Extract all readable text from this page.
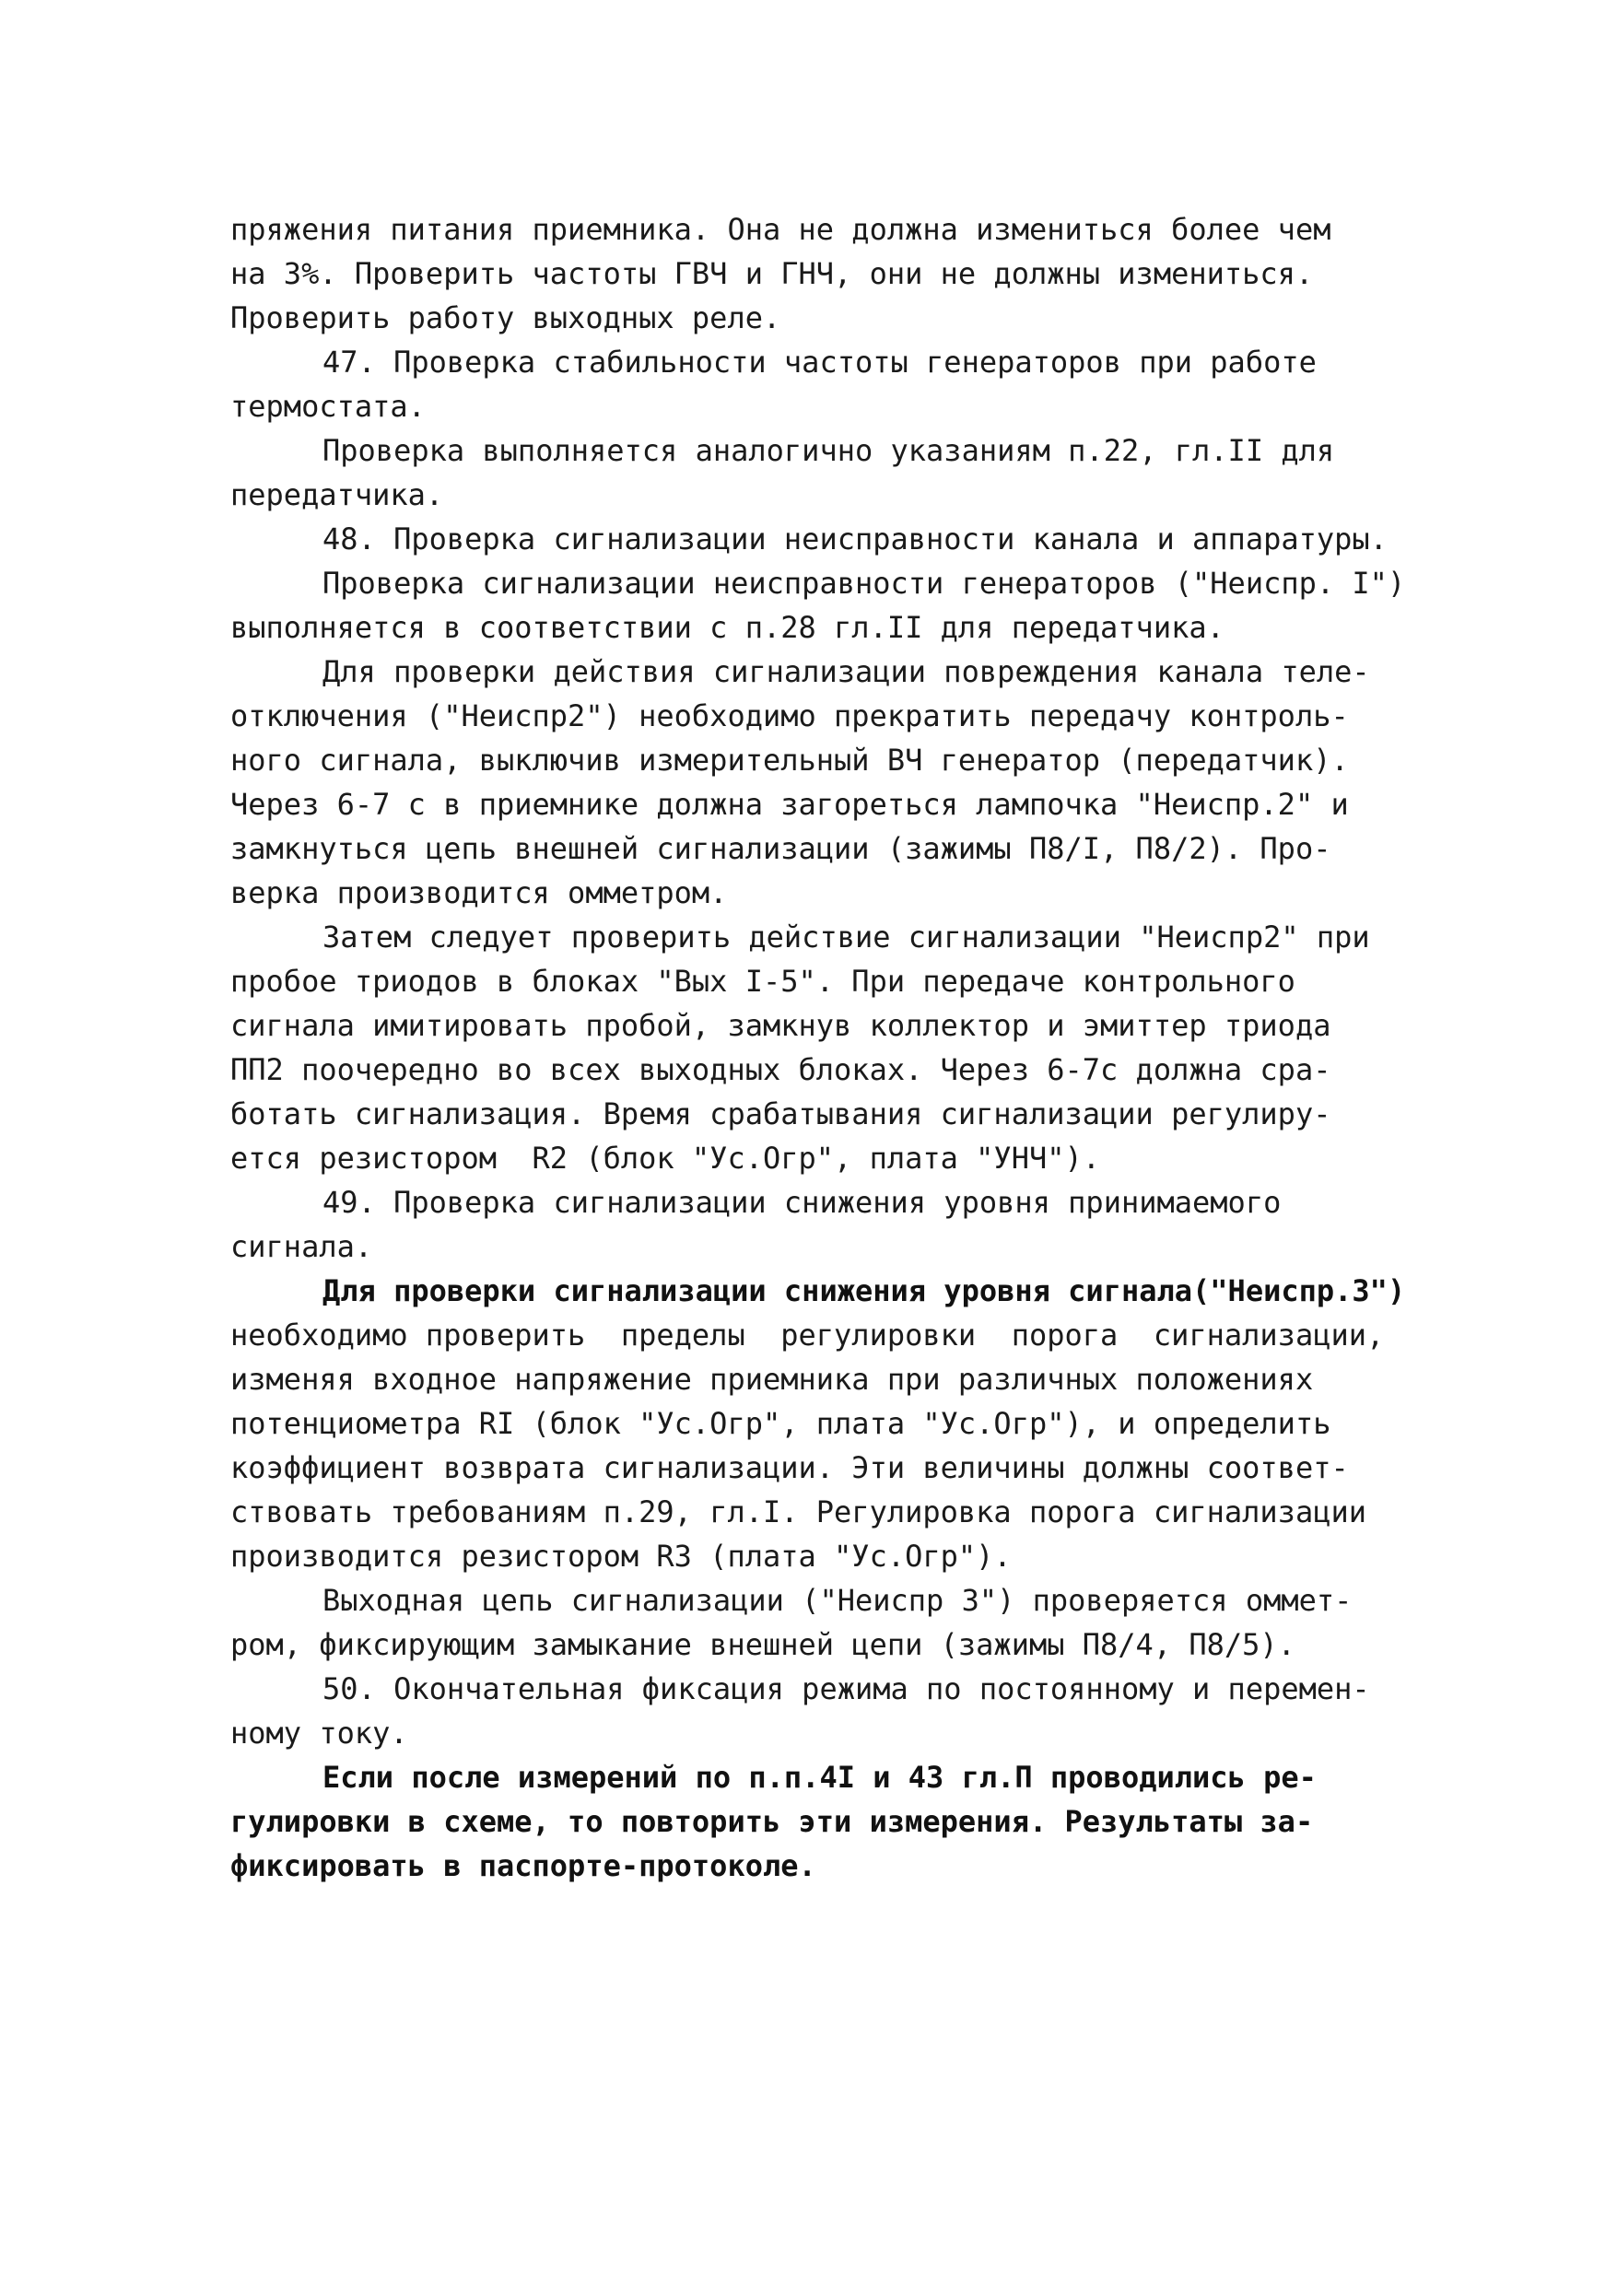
пряжения питания приемника. Она не должна измениться более чем
на 3%. Проверить частоты ГВЧ и ГНЧ, они не должны измениться.
Проверить работу выходных реле.
47. Проверка стабильности частоты генераторов при работе
термостата.
Проверка выполняется аналогично указаниям п.22, гл.II для
передатчика.
48. Проверка сигнализации неисправности канала и аппаратуры.
Проверка сигнализации неисправности генераторов ("Неиспр. I")
выполняется в соответствии с п.28 гл.II для передатчика.
Для проверки действия сигнализации повреждения канала теле-
отключения ("Неиспр2") необходимо прекратить передачу контроль-
ного сигнала, выключив измерительный ВЧ генератор (передатчик).
Через 6-7 с в приемнике должна загореться лампочка "Неиспр.2" и
замкнуться цепь внешней сигнализации (зажимы П8/I, П8/2). Про-
верка производится омметром.
Затем следует проверить действие сигнализации "Неиспр2" при
пробое триодов в блоках "Вых I-5". При передаче контрольного
сигнала имитировать пробой, замкнув коллектор и эмиттер триода
ПП2 поочередно во всех выходных блоках. Через 6-7с должна сра-
ботать сигнализация. Время срабатывания сигнализации регулиру-
ется резистором  R2 (блок "Ус.Огр", плата "УНЧ").
49. Проверка сигнализации снижения уровня принимаемого
сигнала.
Для проверки сигнализации снижения уровня сигнала("Неиспр.3")
необходимо проверить  пределы  регулировки  порога  сигнализации,
изменяя входное напряжение приемника при различных положениях
потенциометра RI (блок "Ус.Огр", плата "Ус.Огр"), и определить
коэффициент возврата сигнализации. Эти величины должны соответ-
ствовать требованиям п.29, гл.I. Регулировка порога сигнализации
производится резистором R3 (плата "Ус.Огр").
Выходная цепь сигнализации ("Неиспр 3") проверяется оммет-
ром, фиксирующим замыкание внешней цепи (зажимы П8/4, П8/5).
50. Окончательная фиксация режима по постоянному и перемен-
ному току.
Если после измерений по п.п.4I и 43 гл.П проводились ре-
гулировки в схеме, то повторить эти измерения. Результаты за-
фиксировать в паспорте-протоколе.
